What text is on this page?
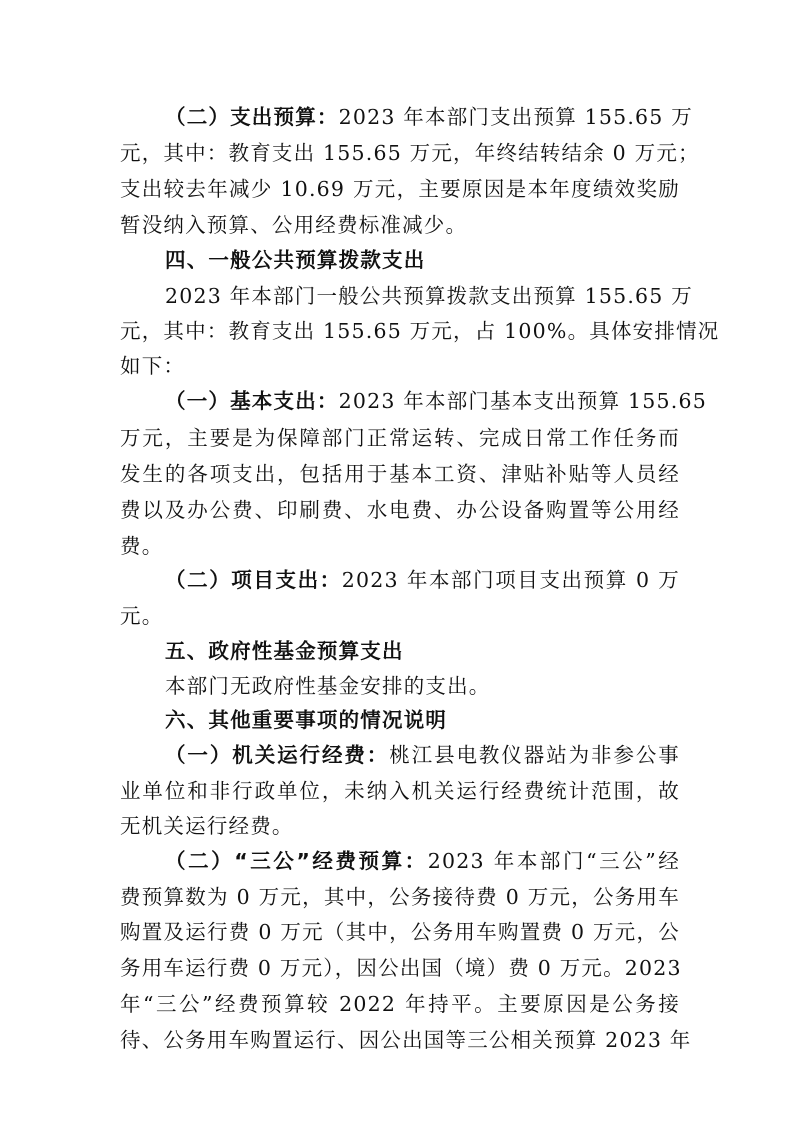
（二）支出预算：2023 年本部门支出预算 155.65 万
元，其中：教育支出 155.65 万元，年终结转结余 0 万元；
支出较去年减少 10.69 万元，主要原因是本年度绩效奖励
暂没纳入预算、公用经费标准减少。
四、一般公共预算拨款支出
2023 年本部门一般公共预算拨款支出预算 155.65 万
元，其中：教育支出 155.65 万元，占 100%。具体安排情况
如下：
（一）基本支出：2023 年本部门基本支出预算 155.65
万元，主要是为保障部门正常运转、完成日常工作任务而
发生的各项支出，包括用于基本工资、津贴补贴等人员经
费以及办公费、印刷费、水电费、办公设备购置等公用经
费。
（二）项目支出：2023 年本部门项目支出预算 0 万
元。
五、政府性基金预算支出
本部门无政府性基金安排的支出。
六、其他重要事项的情况说明
（一）机关运行经费：桃江县电教仪器站为非参公事
业单位和非行政单位，未纳入机关运行经费统计范围，故
无机关运行经费。
（二）“三公”经费预算：2023 年本部门“三公”经
费预算数为 0 万元，其中，公务接待费 0 万元，公务用车
购置及运行费 0 万元（其中，公务用车购置费 0 万元，公
务用车运行费 0 万元），因公出国（境）费 0 万元。2023
年“三公”经费预算较 2022 年持平。主要原因是公务接
待、公务用车购置运行、因公出国等三公相关预算 2023 年
